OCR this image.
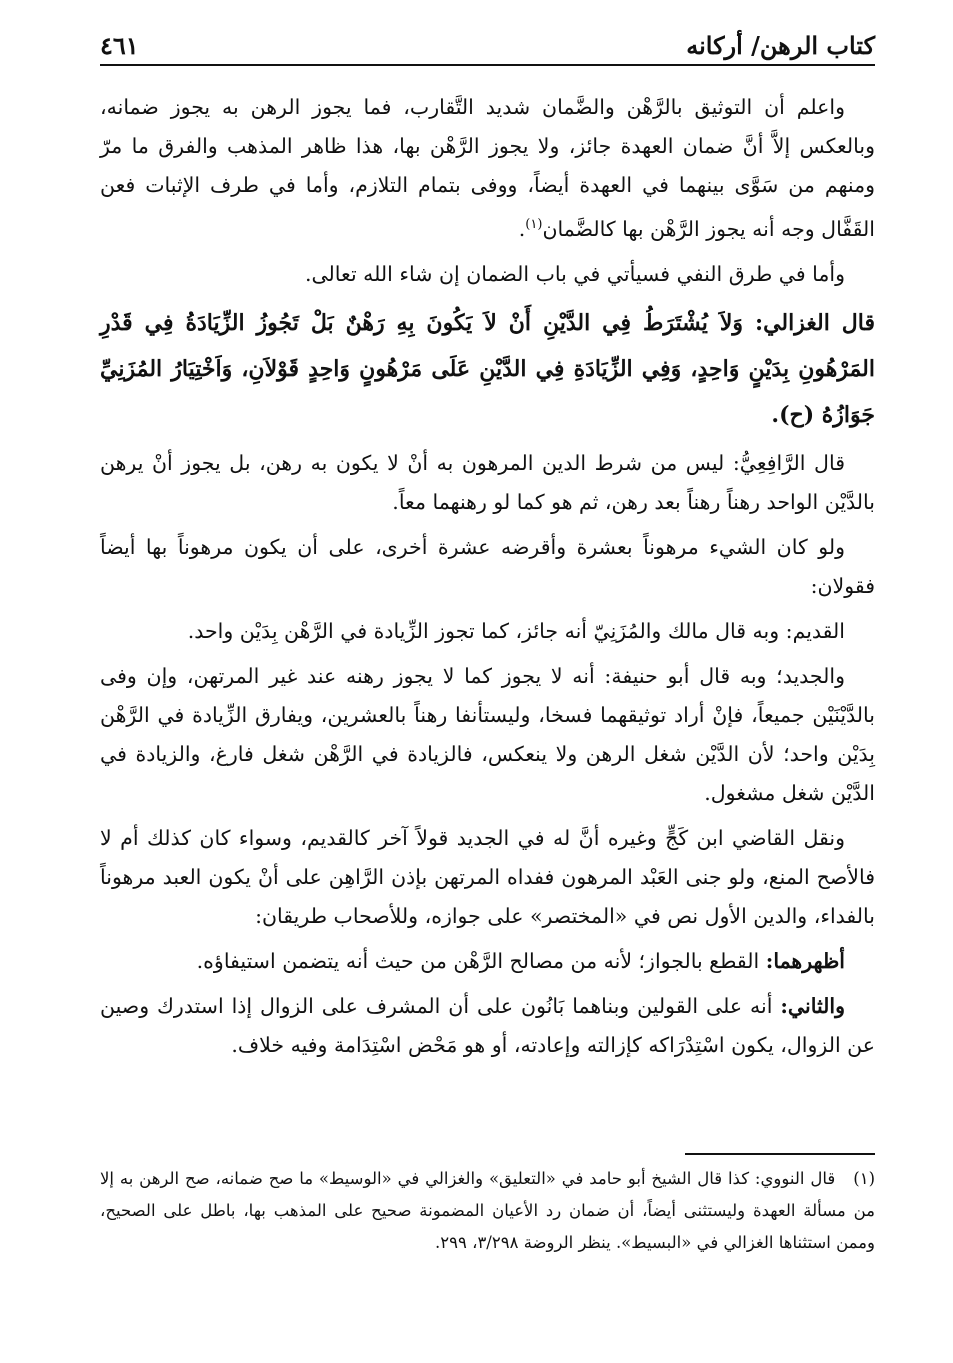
كتاب الرهن/ أركانه
٤٦١

واعلم أن التوثيق بالرَّهْن والضَّمان شديد التَّقارب، فما يجوز الرهن به يجوز ضمانه، وبالعكس إلاَّ أنَّ ضمان العهدة جائز، ولا يجوز الرَّهْن بها، هذا ظاهر المذهب والفرق ما مرّ ومنهم من سَوَّى بينهما في العهدة أيضاً، ووفى بتمام التلازم، وأما في طرف الإثبات فعن القَفَّال وجه أنه يجوز الرَّهْن بها كالضَّمان$^{(١)}$.

وأما في طرق النفي فسيأتي في باب الضمان إن شاء الله تعالى.

قال الغزالي: وَلاَ يُشْتَرَطُ فِي الدَّيْنِ أَنْ لاَ يَكُونَ بِهِ رَهْنٌ بَلْ تَجُوزُ الزِّيَادَةُ فِي قَدْرِ المَرْهُونِ بِدَيْنٍ وَاحِدٍ، وَفِي الزِّيَادَةِ فِي الدَّيْنِ عَلَى مَرْهُونٍ وَاحِدٍ قَوْلاَنِ، وَاَخْتِيَارُ المُزَنِيِّ جَوَازُهُ (ح).

قال الرَّافِعِيُّ: ليس من شرط الدين المرهون به أنْ لا يكون به رهن، بل يجوز أنْ يرهن بالدَّيْن الواحد رهناً رهناً بعد رهن، ثم هو كما لو رهنهما معاً.

ولو كان الشيء مرهوناً بعشرة وأقرضه عشرة أخرى، على أن يكون مرهوناً بها أيضاً فقولان:

القديم: وبه قال مالك والمُزَنِيّ أنه جائز، كما تجوز الزِّيادة في الرَّهْن بِدَيْن واحد.

والجديد؛ وبه قال أبو حنيفة: أنه لا يجوز كما لا يجوز رهنه عند غير المرتهن، وإن وفى بالدَّيْنَيْن جميعاً، فإنْ أراد توثيقهما فسخا، وليستأنفا رهناً بالعشرين، ويفارق الزِّيادة في الرَّهْن بِدَيْن واحد؛ لأن الدَّيْن شغل الرهن ولا ينعكس، فالزيادة في الرَّهْن شغل فارغ، والزيادة في الدَّيْن شغل مشغول.

ونقل القاضي ابن كَجٍّ وغيره أنَّ له في الجديد قولاً آخر كالقديم، وسواء كان كذلك أم لا فالأصح المنع، ولو جنى العَبْد المرهون ففداه المرتهن بإذن الرَّاهِن على أنْ يكون العبد مرهوناً بالفداء، والدين الأول نص في «المختصر» على جوازه، وللأصحاب طريقان:

أظهرهما: القطع بالجواز؛ لأنه من مصالح الرَّهْن من حيث أنه يتضمن استيفاؤه.

والثاني: أنه على القولين وبناهما بَانُون على أن المشرف على الزوال إذا استدرك وصين عن الزوال، يكون اسْتِدْرَاكه كإزالته وإعادته، أو هو مَحْض اسْتِدَامة وفيه خلاف.

(١)قال النووي: كذا قال الشيخ أبو حامد في «التعليق» والغزالي في «الوسيط» ما صح ضمانه، صح الرهن به إلا من مسألة العهدة وليستثنى أيضاً، أن ضمان رد الأعيان المضمونة صحيح على المذهب بها، باطل على الصحيح، وممن استثناها الغزالي في «البسيط». ينظر الروضة ٣/٢٩٨، ٢٩٩.
